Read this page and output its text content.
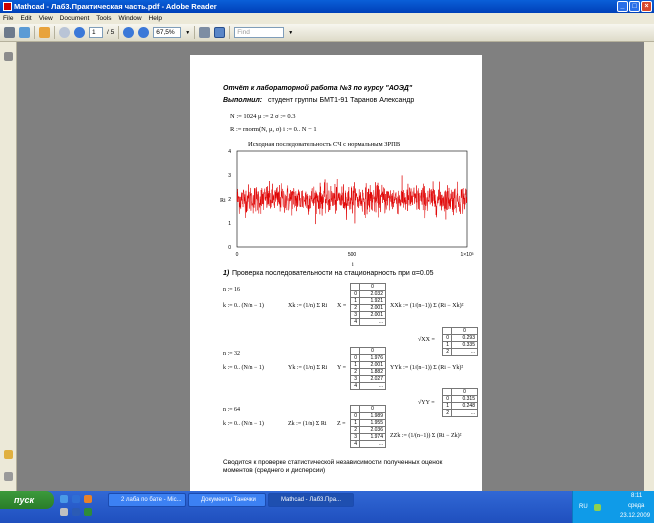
Mathcad - Лаб3.Практическая часть.pdf - Adobe Reader	_	□	×
File Edit View Document Tools Window Help
1	/ 5	67,5%	▼	Find	▼
Отчёт к лабораторной работа №3 по курсу "АОЭД"
Выполнил: студент группы БМТ1-91 Таранов Александр
N := 1024 μ := 2 σ := 0.3
R := rnorm(N, μ, σ) i := 0.. N − 1
Исходная последовательность СЧ с нормальным ЗРПВ
0
1
2
3
4
0	500	1×10³
Ri
i
1) Проверка последовательности на стационарность при α=0.05
n := 16
k := 0.. (N/n − 1)	Xk := (1/n) Σ Ri X =
	0
0	2.032
1	1.921
2	2.001
3	2.001
4	...
XXk := (1/(n−1)) Σ (Ri − Xk)²
√XX =
	0
0	0.293
1	0.335
2	...
n := 32
k := 0.. (N/n − 1)	Yk := (1/n) Σ Ri Y =
	0
0	1.976
1	2.001
2	1.882
3	2.027
4	...
YYk := (1/(n−1)) Σ (Ri − Yk)²
√YY =
	0
0	0.315
1	0.248
2	...
n := 64
k := 0.. (N/n − 1)	Zk := (1/n) Σ Ri Z =
	0
0	1.989
1	1.955
2	2.036
3	1.974
4	...
ZZk := (1/(n−1)) Σ (Ri − Zk)²
Сводится к проверке статистической независимости полученных оценок моментов (среднего и дисперсии)
пуск	2 лаба по бате - Mic...	Документы Танечки	Mathcad - Лаб3.Пра...
RU
8:11
среда
23.12.2009
